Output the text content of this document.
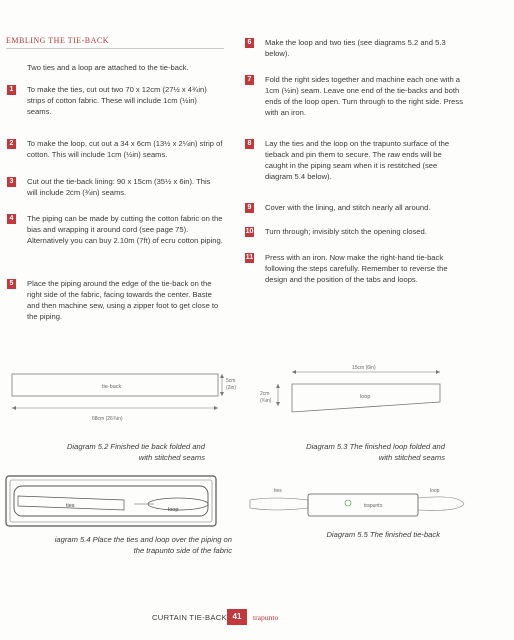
EMBLING THE TIE-BACK
Two ties and a loop are attached to the tie-back.
1	To make the ties, cut out two 70 x 12cm (27½ x 4¾in) strips of cotton fabric. These will include 1cm (½in) seams.
2	To make the loop, cut out a 34 x 6cm (13½ x 2¼in) strip of cotton. This will include 1cm (½in) seams.
3	Cut out the tie-back lining: 90 x 15cm (35½ x 6in). This will include 2cm (¾in) seams.
4	The piping can be made by cutting the cotton fabric on the bias and wrapping it around cord (see page 75). Alternatively you can buy 2.10m (7ft) of ecru cotton piping.
5	Place the piping around the edge of the tie-back on the right side of the fabric, facing towards the center. Baste and then machine sew, using a zipper foot to get close to the piping.
6	Make the loop and two ties (see diagrams 5.2 and 5.3 below).
7	Fold the right sides together and machine each one with a 1cm (½in) seam. Leave one end of the tie-backs and both ends of the loop open. Turn through to the right side. Press with an iron.
8	Lay the ties and the loop on the trapunto surface of the tieback and pin them to secure. The raw ends will be caught in the piping seam when it is restitched (see diagram 5.4 below).
9	Cover with the lining, and stitch nearly all around.
10 Turn through; invisibly stitch the opening closed.
11 Press with an iron. Now make the right-hand tie-back following the steps carefully. Remember to reverse the design and the position of the tabs and loops.
tie-back
5cm
(2in)
68cm (26¾in)
Diagram 5.2 Finished tie back folded and
with stitched seams
15cm (6in)
loop
2cm
(¾in)
Diagram 5.3 The finished loop folded and
with stitched seams
ties
loop
iagram 5.4 Place the ties and loop over the piping on
the trapunto side of the fabric
ties
trapunto
loop
Diagram 5.5 The finished tie-back
CURTAIN TIE-BACK 41	trapunto
